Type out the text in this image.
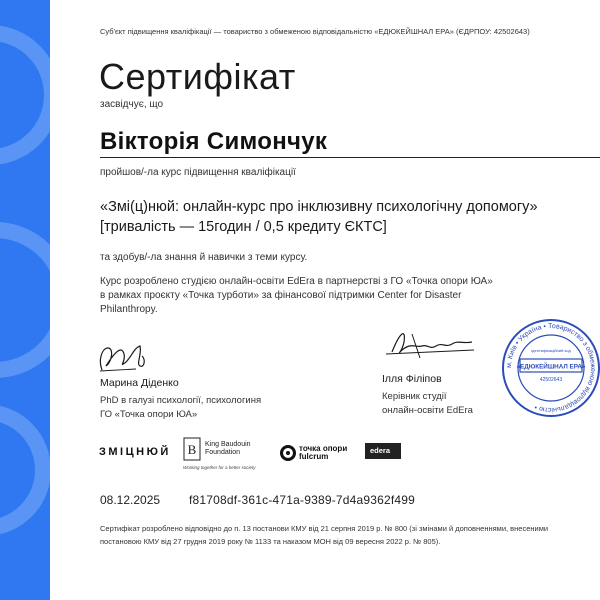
Суб'єкт підвищення кваліфікації — товариство з обмеженою відповідальністю «ЕДЮКЕЙШНАЛ ЕРА» (ЄДРПОУ: 42502643)
Сертифікат
засвідчує, що
Вікторія Симончук
пройшов/-ла курс підвищення кваліфікації
«Змі(ц)нюй: онлайн-курс про інклюзивну психологічну допомогу»
[тривалість — 15годин / 0,5 кредиту ЄКТС]
та здобув/-ла знання й навички з теми курсу.
Курс розроблено студією онлайн-освіти EdEra в партнерстві з ГО «Точка опори ЮА»
в рамках проєкту «Точка турботи» за фінансової підтримки Center for Disaster
Philanthropy.
Марина Діденко
PhD в галузі психології, психологиня
ГО «Точка опори ЮА»
Ілля Філіпов
Керівник студії
онлайн-освіти EdEra
м. Київ • Україна • Товариство з обмеженою відповідальністю •
«ЕДЮКЕЙШНАЛ ЕРА»
ідентифікаційний код
42502643
ЗМІЦНЮЙ B King Baudouin
Foundation
Working together for a better society
точка опори
fulcrum
edera
08.12.2025 f81708df-361c-471a-9389-7d4a9362f499
Сертифікат розроблено відповідно до п. 13 постанови КМУ від 21 серпня 2019 р. № 800 (зі змінами й доповненнями, внесеними
постановою КМУ від 27 грудня 2019 року № 1133 та наказом МОН від 09 вересня 2022 р. № 805).
